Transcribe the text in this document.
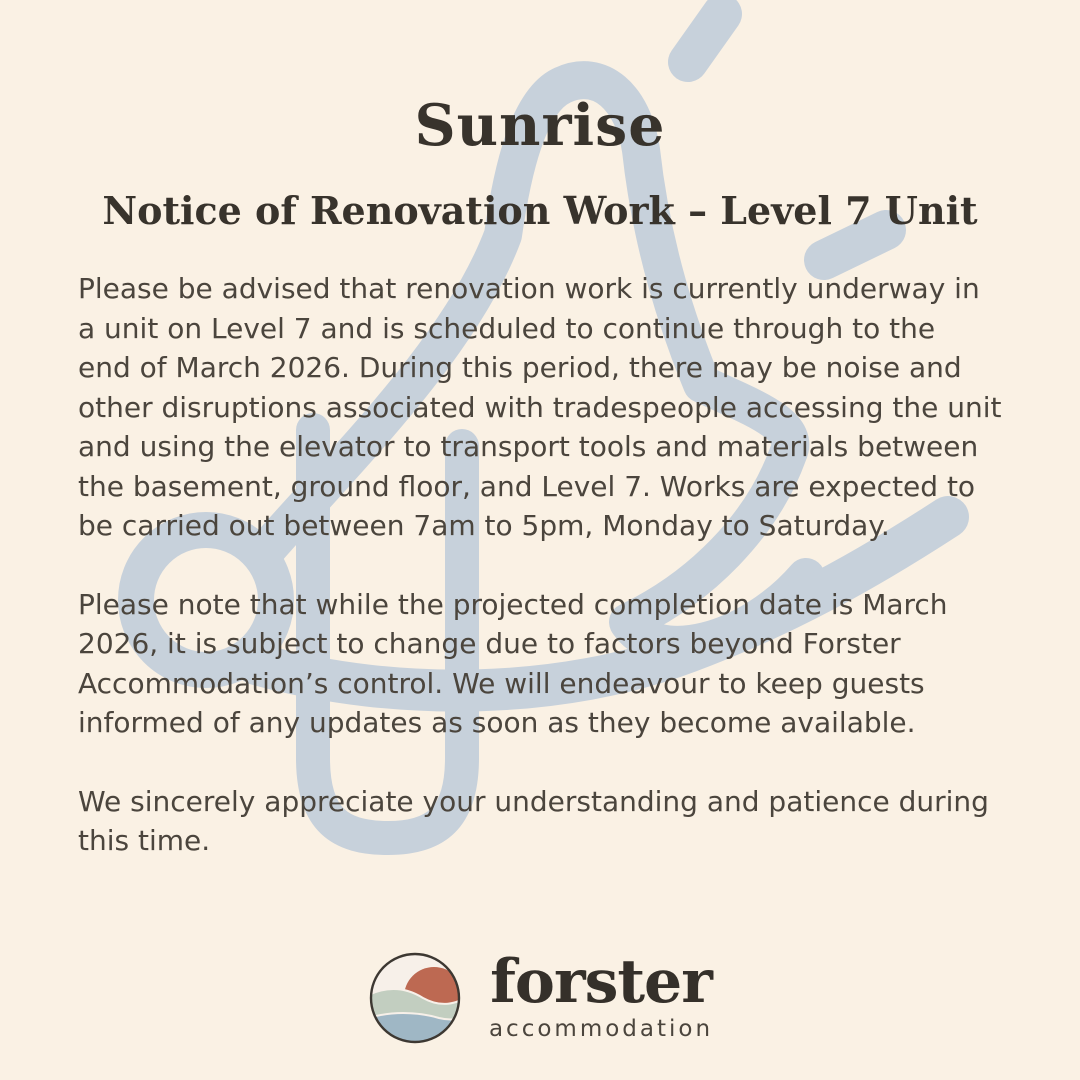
Sunrise
Notice of Renovation Work – Level 7 Unit
Please be advised that renovation work is currently underway in
a unit on Level 7 and is scheduled to continue through to the
end of March 2026. During this period, there may be noise and
other disruptions associated with tradespeople accessing the unit
and using the elevator to transport tools and materials between
the basement, ground floor, and Level 7. Works are expected to
be carried out between 7am to 5pm, Monday to Saturday.
Please note that while the projected completion date is March
2026, it is subject to change due to factors beyond Forster
Accommodation’s control. We will endeavour to keep guests
informed of any updates as soon as they become available.
We sincerely appreciate your understanding and patience during
this time.
forster
accommodation
